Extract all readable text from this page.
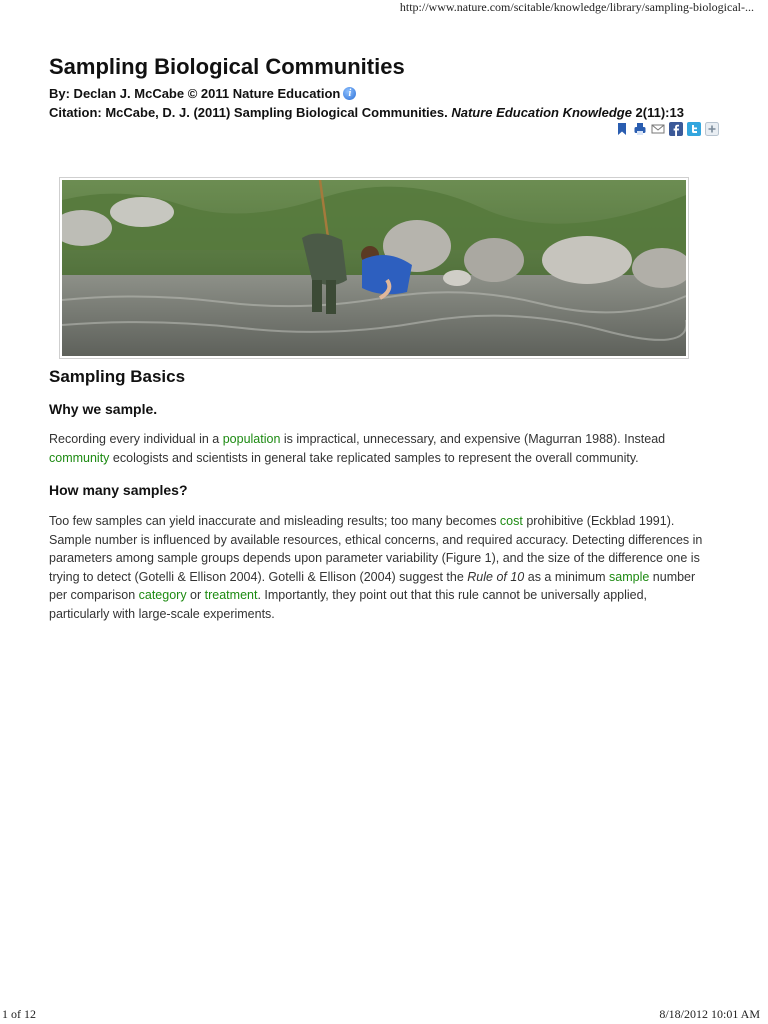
http://www.nature.com/scitable/knowledge/library/sampling-biological-...
Sampling Biological Communities
By: Declan J. McCabe © 2011 Nature Education i
Citation: McCabe, D. J. (2011) Sampling Biological Communities. Nature Education Knowledge 2(11):13
Sampling Basics
Why we sample.
Recording every individual in a population is impractical, unnecessary, and expensive (Magurran 1988). Instead
community ecologists and scientists in general take replicated samples to represent the overall community.
How many samples?
Too few samples can yield inaccurate and misleading results; too many becomes cost prohibitive (Eckblad 1991). Sample number is influenced by available resources, ethical concerns, and required accuracy. Detecting differences in parameters among sample groups depends upon parameter variability (Figure 1), and the size of the difference one is trying to detect (Gotelli & Ellison 2004). Gotelli & Ellison (2004) suggest the Rule of 10 as a minimum sample number per comparison category or treatment. Importantly, they point out that this rule cannot be universally applied, particularly with large-scale experiments.
1 of 12	8/18/2012 10:01 AM
